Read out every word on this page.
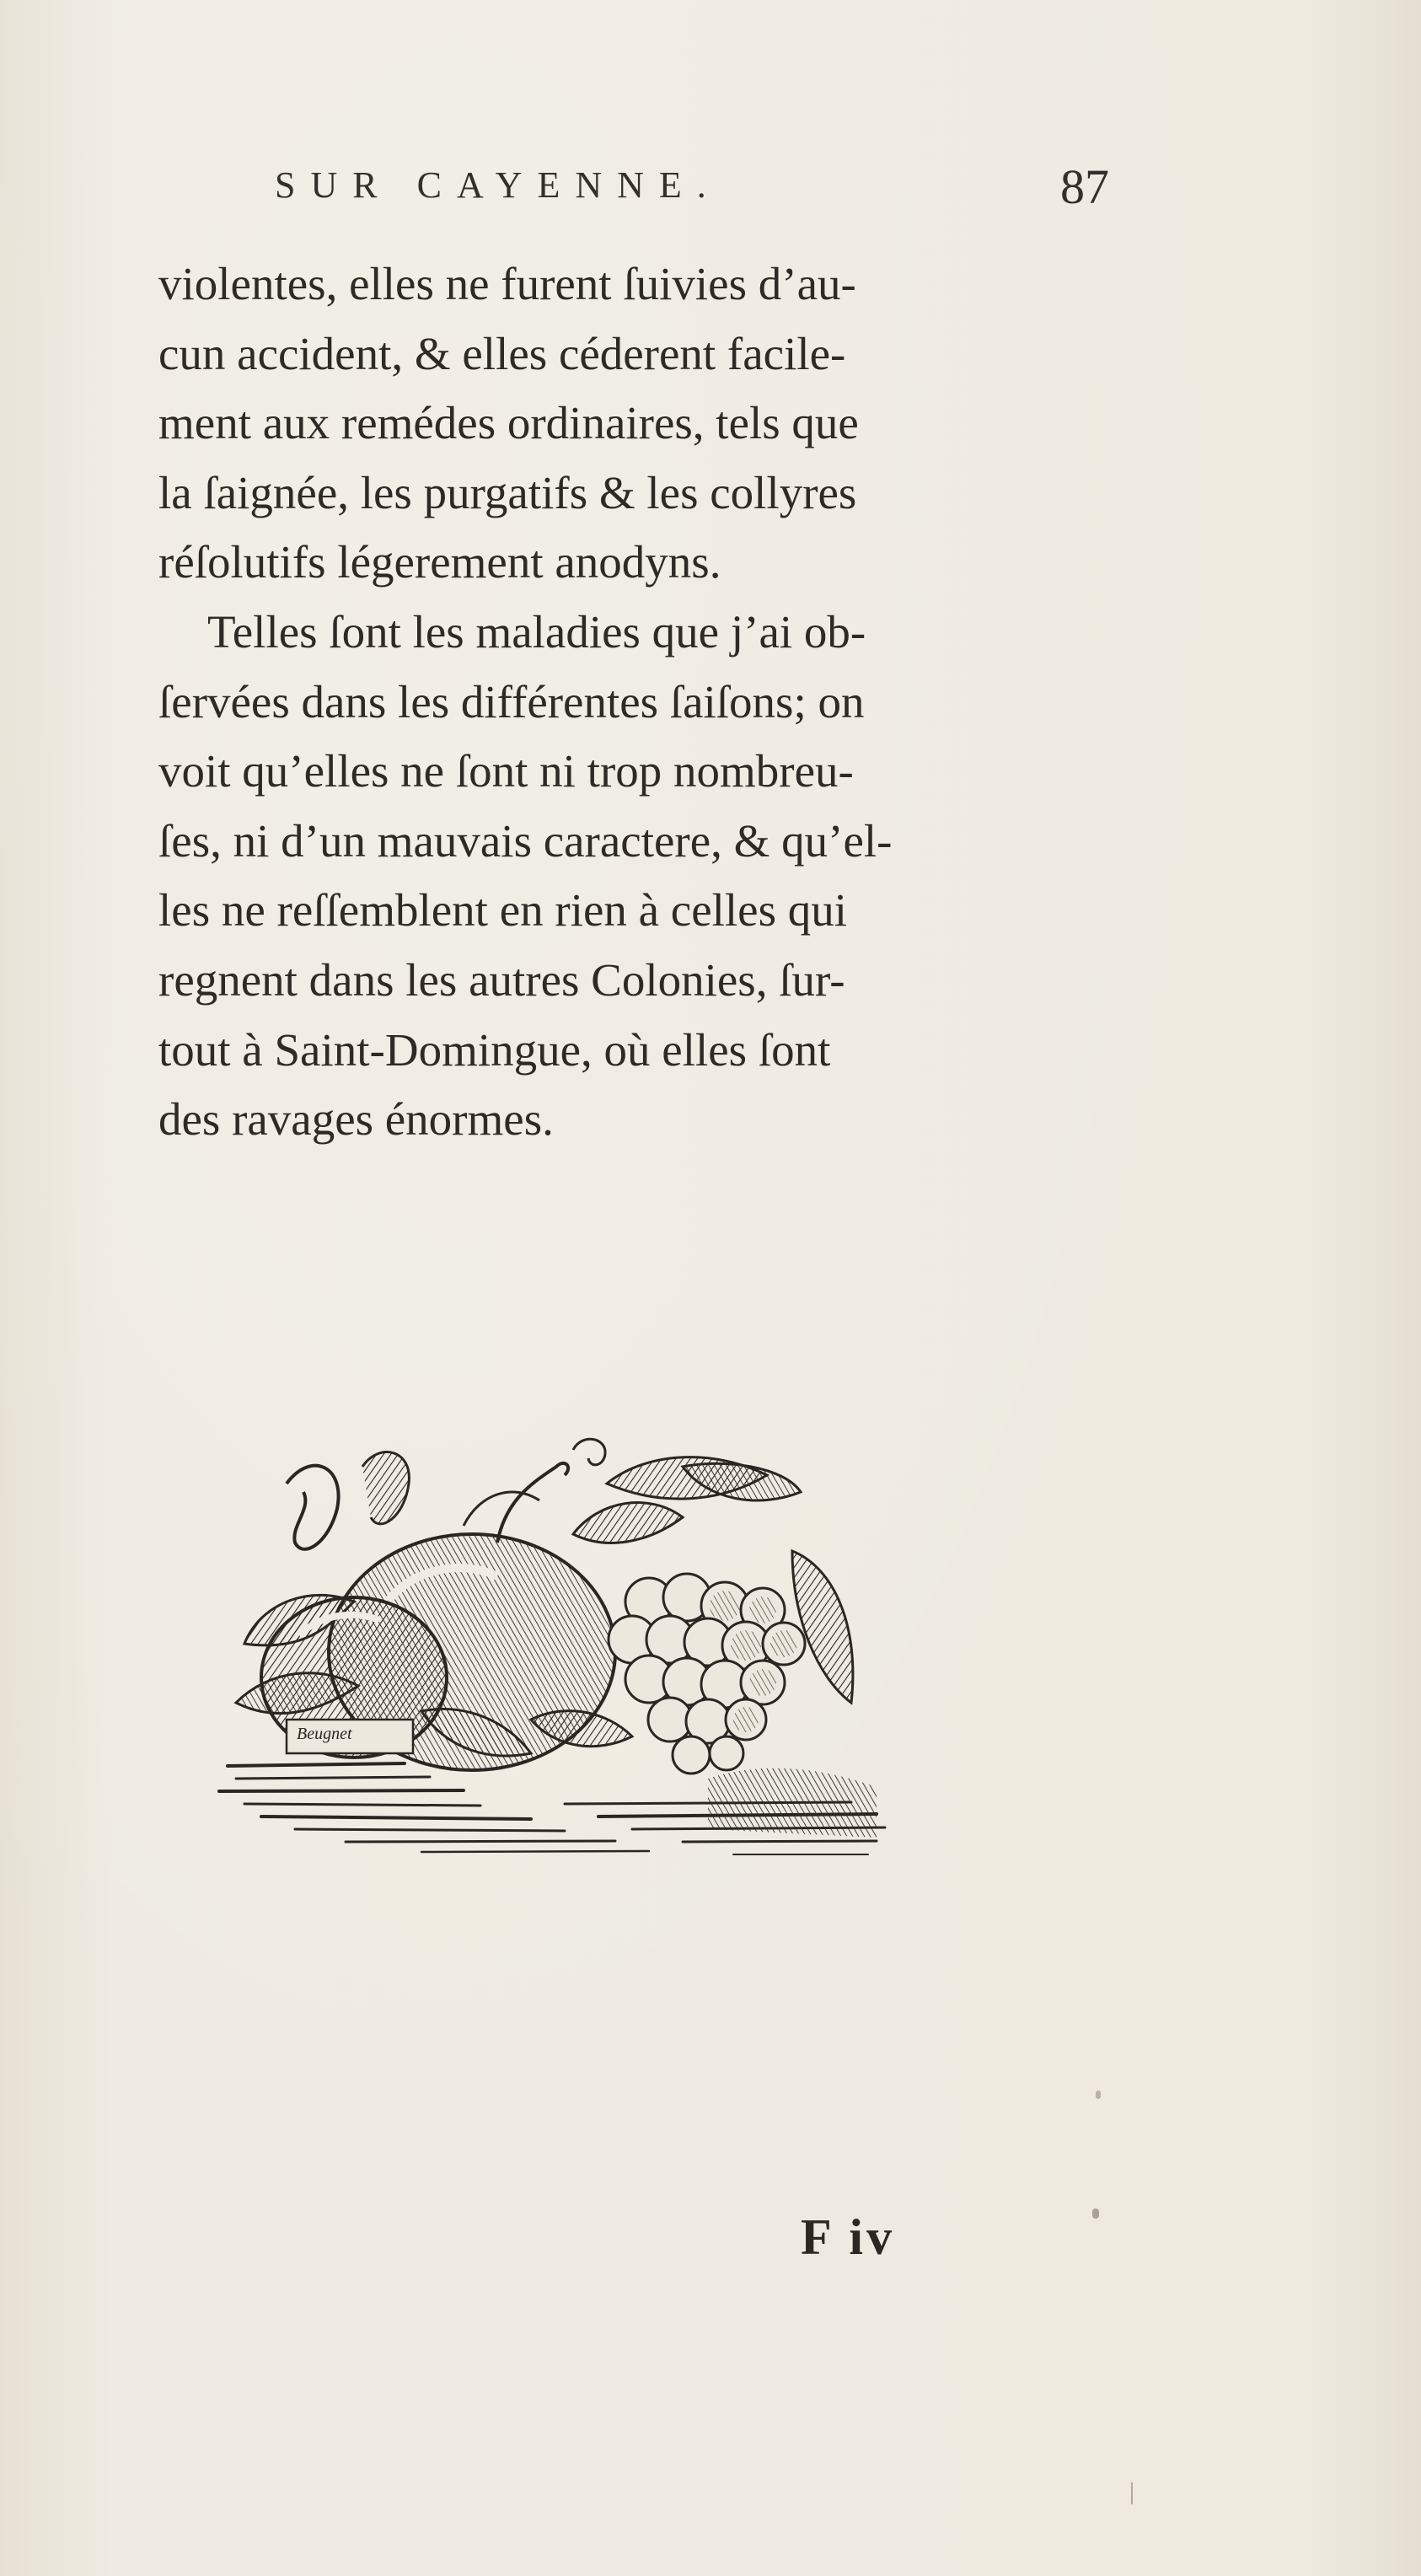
SUR CAYENNE.	87
violentes, elles ne furent ſuivies d’au-
cun accident, & elles céderent facile-
ment aux remédes ordinaires, tels que
la ſaignée, les purgatifs & les collyres
réſolutifs légerement anodyns.
Telles ſont les maladies que j’ai ob-
ſervées dans les différentes ſaiſons; on
voit qu’elles ne ſont ni trop nombreu-
ſes, ni d’un mauvais caractere, & qu’el-
les ne reſſemblent en rien à celles qui
regnent dans les autres Colonies, ſur-
tout à Saint-Domingue, où elles ſont
des ravages énormes.
Beugnet
F iv
